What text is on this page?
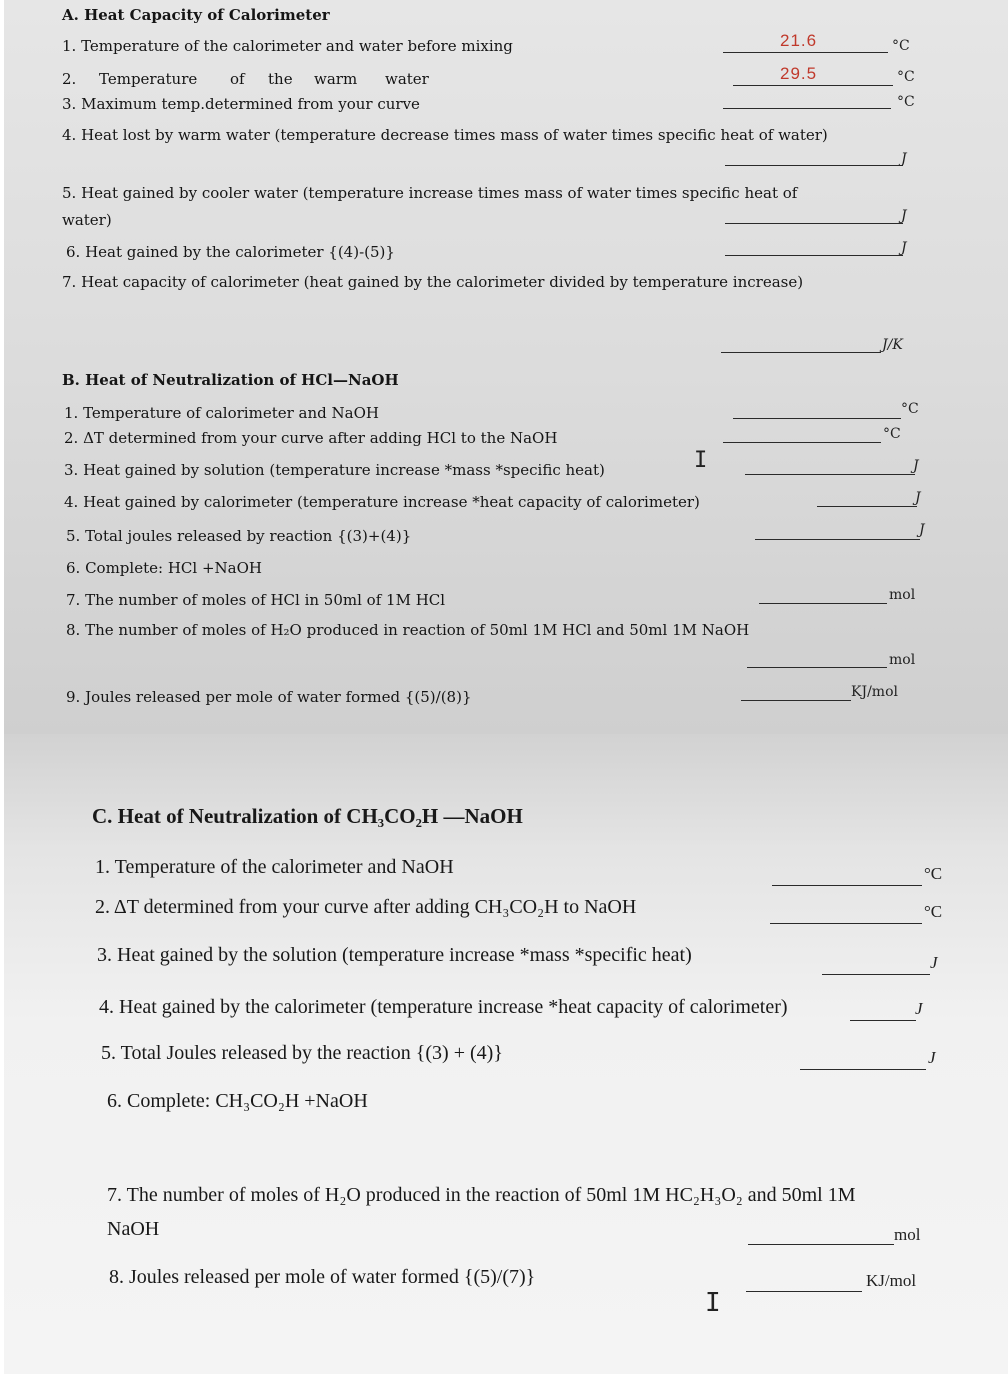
A. Heat Capacity of Calorimeter
1. Temperature of the calorimeter and water before mixing	21.6	°C
2. Temperature of the warm water	29.5	°C
3. Maximum temp.determined from your curve	°C
4. Heat lost by warm water (temperature decrease times mass of water times specific heat of water)
J
5. Heat gained by cooler water (temperature increase times mass of water times specific heat of
water)	J
6. Heat gained by the calorimeter {(4)-(5)}	J
7. Heat capacity of calorimeter (heat gained by the calorimeter divided by temperature increase)
J/K
B. Heat of Neutralization of HCl—NaOH
1. Temperature of calorimeter and NaOH	°C
2. ΔT determined from your curve after adding HCl to the NaOH	°C
3. Heat gained by solution (temperature increase *mass *specific heat)	I	J
4. Heat gained by calorimeter (temperature increase *heat capacity of calorimeter)	J
5. Total joules released by reaction {(3)+(4)}	J
6. Complete: HCl +NaOH
7. The number of moles of HCl in 50ml of 1M HCl	mol
8. The number of moles of H₂O produced in reaction of 50ml 1M HCl and 50ml 1M NaOH
mol
9. Joules released per mole of water formed {(5)/(8)}	KJ/mol
C. Heat of Neutralization of CH₃CO₂H —NaOH
1. Temperature of the calorimeter and NaOH	°C
2. ΔT determined from your curve after adding CH₃CO₂H to NaOH	°C
3. Heat gained by the solution (temperature increase *mass *specific heat)	J
4. Heat gained by the calorimeter (temperature increase *heat capacity of calorimeter)	J
5. Total Joules released by the reaction {(3) + (4)}	J
6. Complete: CH₃CO₂H +NaOH
7. The number of moles of H₂O produced in the reaction of 50ml 1M HC₂H₃O₂ and 50ml 1M
NaOH	mol
8. Joules released per mole of water formed {(5)/(7)}	KJ/mol
I
